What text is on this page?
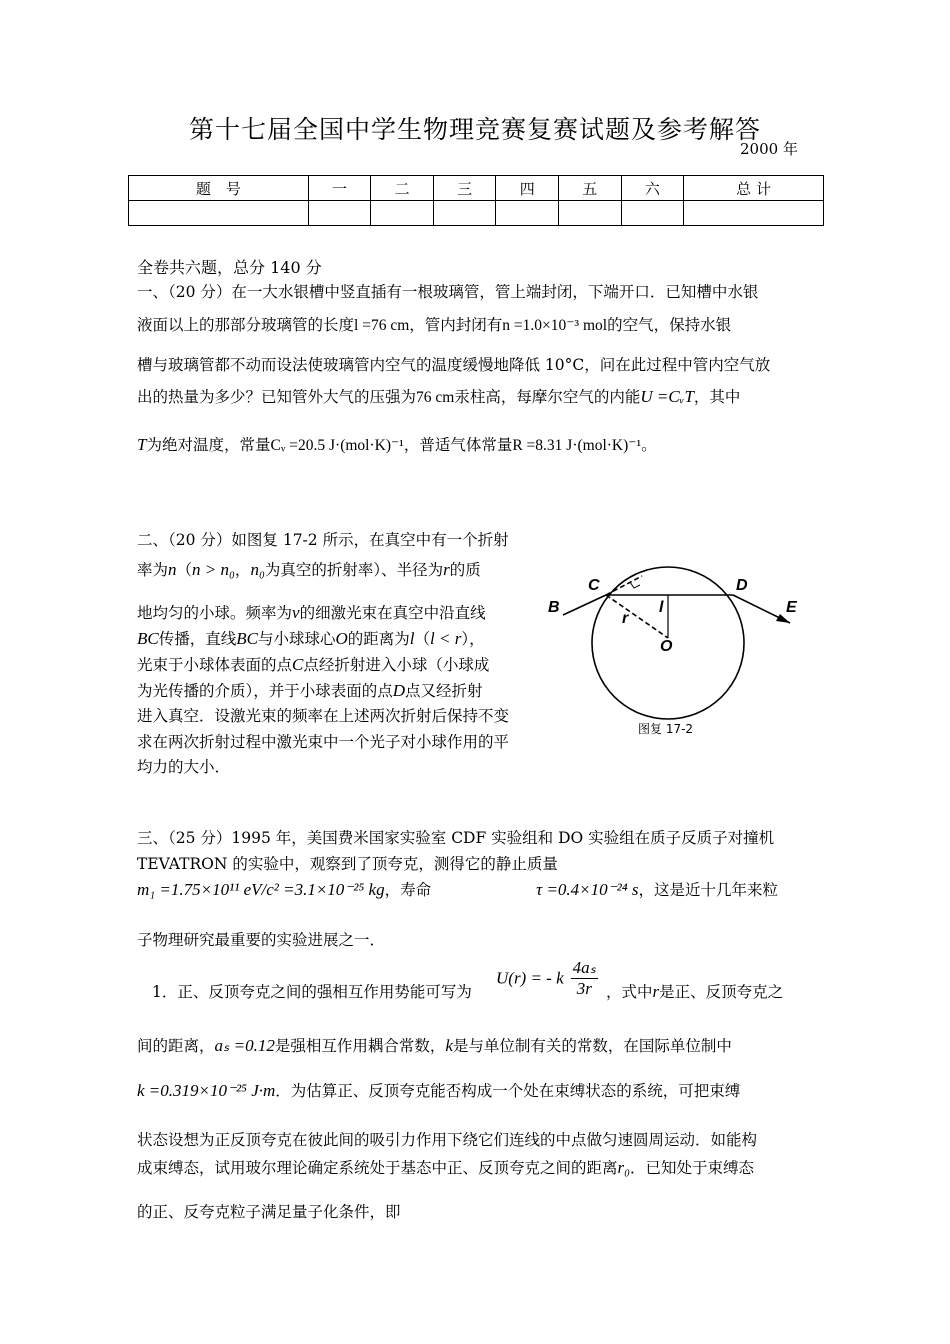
第十七届全国中学生物理竞赛复赛试题及参考解答
2000 年
题　号	一	二	三	四	五	六	总 计

全卷共六题，总分 140 分
一、（20 分）在一大水银槽中竖直插有一根玻璃管，管上端封闭，下端开口．已知槽中水银
液面以上的那部分玻璃管的长度l =76 cm，管内封闭有n =1.0×10⁻³ mol的空气，保持水银
槽与玻璃管都不动而设法使玻璃管内空气的温度缓慢地降低 10°C，问在此过程中管内空气放
出的热量为多少？已知管外大气的压强为76 cm汞柱高，每摩尔空气的内能U =CᵥT，其中
T为绝对温度，常量Cᵥ =20.5 J·(mol·K)⁻¹，普适气体常量R =8.31 J·(mol·K)⁻¹。
二、（20 分）如图复 17-2 所示，在真空中有一个折射
率为n（n > n₀，n₀为真空的折射率）、半径为r的质
地均匀的小球。频率为ν的细激光束在真空中沿直线
BC传播，直线BC与小球球心O的距离为l（l < r），
光束于小球体表面的点C点经折射进入小球（小球成
为光传播的介质），并于小球表面的点D点又经折射
进入真空．设激光束的频率在上述两次折射后保持不变
求在两次折射过程中激光束中一个光子对小球作用的平
均力的大小．
B
C	D
E
r
l
O
图复 17-2
三、（25 分）1995 年，美国费米国家实验室 CDF 实验组和 DO 实验组在质子反质子对撞机
TEVATRON 的实验中，观察到了顶夸克，测得它的静止质量
m₁ =1.75×10¹¹ eV/c² =3.1×10⁻²⁵ kg，寿命	τ =0.4×10⁻²⁴ s，这是近十几年来粒
子物理研究最重要的实验进展之一．
1．正、反顶夸克之间的强相互作用势能可写为
U(r) = - k $\frac{\text{4aₛ}}{3r}$ ，式中r是正、反顶夸克之
间的距离，aₛ =0.12是强相互作用耦合常数，k是与单位制有关的常数，在国际单位制中
k =0.319×10⁻²⁵ J·m．为估算正、反顶夸克能否构成一个处在束缚状态的系统，可把束缚
状态设想为正反顶夸克在彼此间的吸引力作用下绕它们连线的中点做匀速圆周运动．如能构
成束缚态，试用玻尔理论确定系统处于基态中正、反顶夸克之间的距离r₀．已知处于束缚态
的正、反夸克粒子满足量子化条件，即
